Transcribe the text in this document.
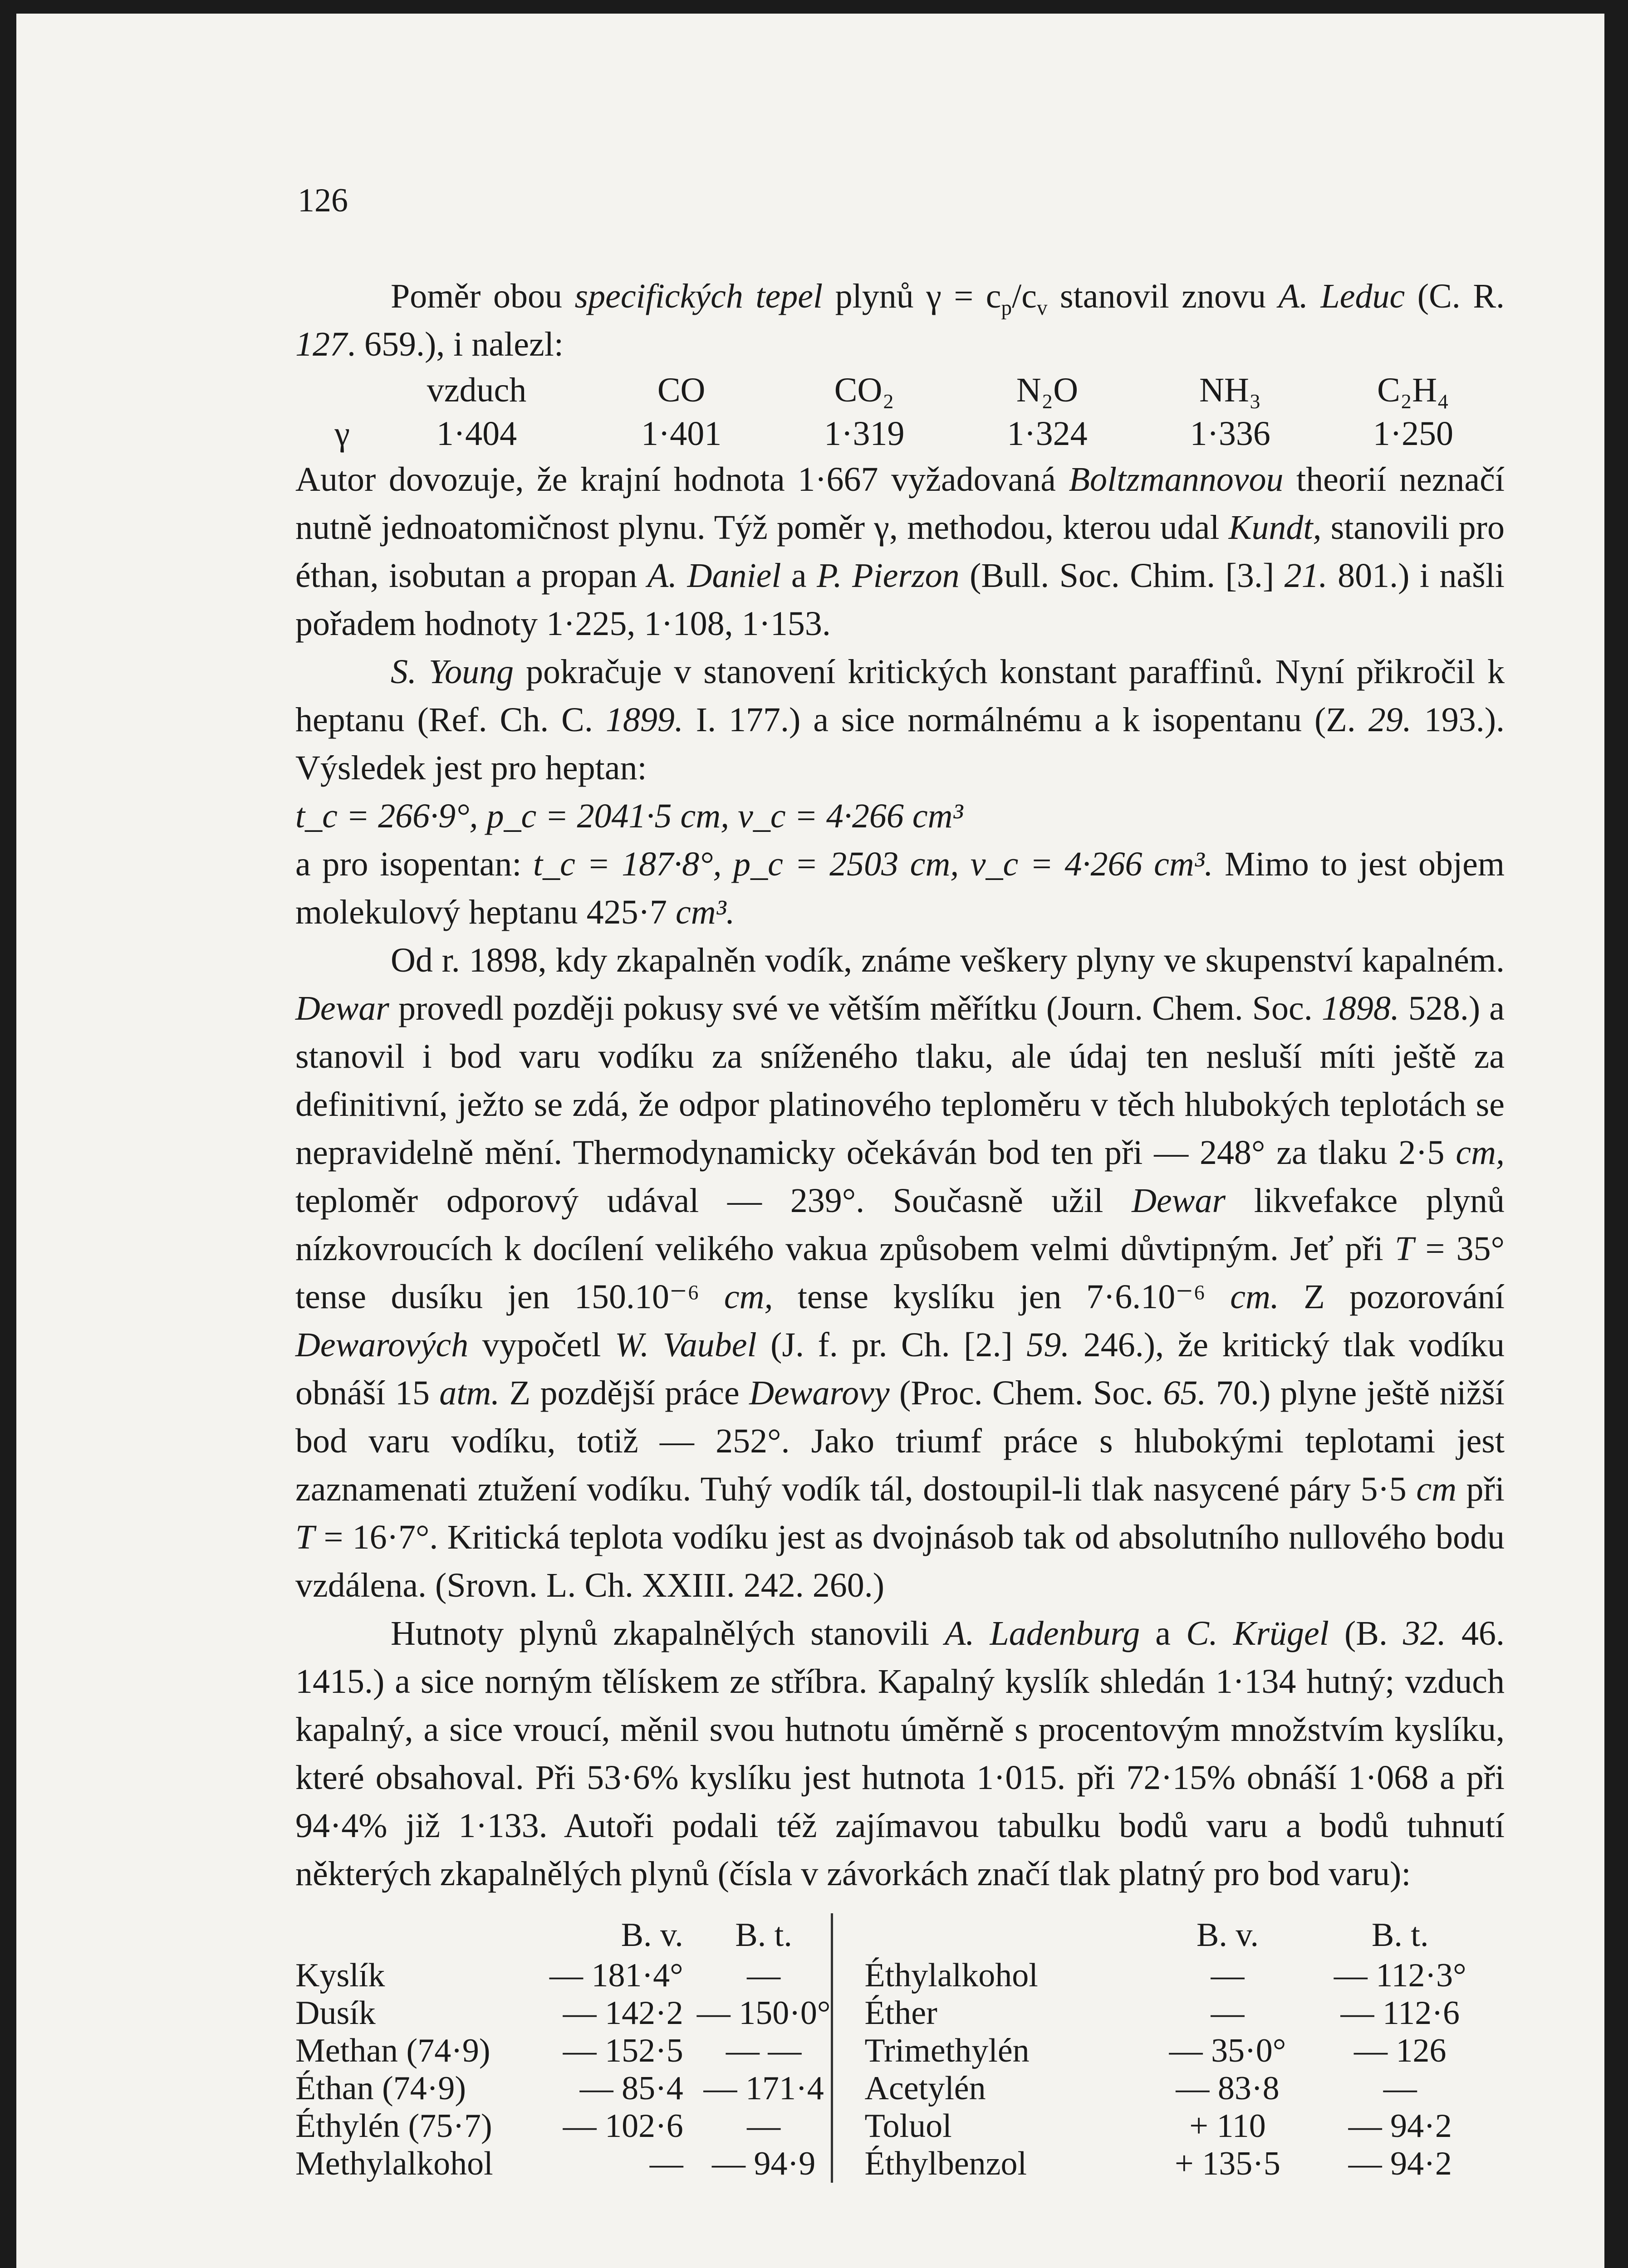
126

Poměr obou specifických tepel plynů $\gamma = c_p/c_v$ stanovil znovu A. Leduc (C. R. 127. 659.), i nalezl:

	vzduch	CO	CO₂	N₂O	NH₃	C₂H₄
γ	1·404	1·401	1·319	1·324	1·336	1·250

Autor dovozuje, že krajní hodnota 1·667 vyžadovaná Boltzmannovou theorií neznačí nutně jednoatomičnost plynu. Týž poměr γ, methodou, kterou udal Kundt, stanovili pro éthan, isobutan a propan A. Daniel a P. Pierzon (Bull. Soc. Chim. [3.] 21. 801.) i našli pořadem hodnoty 1·225, 1·108, 1·153.

S. Young pokračuje v stanovení kritických konstant paraffinů. Nyní přikročil k heptanu (Ref. Ch. C. 1899. I. 177.) a sice normálnému a k isopentanu (Z. 29. 193.). Výsledek jest pro heptan:

t_c = 266·9°, p_c = 2041·5 cm, v_c = 4·266 cm³

a pro isopentan: t_c = 187·8°, p_c = 2503 cm, v_c = 4·266 cm³. Mimo to jest objem molekulový heptanu 425·7 cm³.

Od r. 1898, kdy zkapalněn vodík, známe veškery plyny ve skupenství kapalném. Dewar provedl později pokusy své ve větším měřítku (Journ. Chem. Soc. 1898. 528.) a stanovil i bod varu vodíku za sníženého tlaku, ale údaj ten nesluší míti ještě za definitivní, ježto se zdá, že odpor platinového teploměru v těch hlubokých teplotách se nepravidelně mění. Thermodynamicky očekáván bod ten při — 248° za tlaku 2·5 cm, teploměr odporový udával — 239°. Současně užil Dewar likvefakce plynů nízkovroucích k docílení velikého vakua způsobem velmi důvtipným. Jeť při T = 35° tense dusíku jen 150.10⁻⁶ cm, tense kyslíku jen 7·6.10⁻⁶ cm. Z pozorování Dewarových vypočetl W. Vaubel (J. f. pr. Ch. [2.] 59. 246.), že kritický tlak vodíku obnáší 15 atm. Z pozdější práce Dewarovy (Proc. Chem. Soc. 65. 70.) plyne ještě nižší bod varu vodíku, totiž — 252°. Jako triumf práce s hlubokými teplotami jest zaznamenati ztužení vodíku. Tuhý vodík tál, dostoupil-li tlak nasycené páry 5·5 cm při T = 16·7°. Kritická teplota vodíku jest as dvojnásob tak od absolutního nullového bodu vzdálena. (Srovn. L. Ch. XXIII. 242. 260.)

Hutnoty plynů zkapalnělých stanovili A. Ladenburg a C. Krügel (B. 32. 46. 1415.) a sice norným tělískem ze stříbra. Kapalný kyslík shledán 1·134 hutný; vzduch kapalný, a sice vroucí, měnil svou hutnotu úměrně s procentovým množstvím kyslíku, které obsahoval. Při 53·6% kyslíku jest hutnota 1·015. při 72·15% obnáší 1·068 a při 94·4% již 1·133. Autoři podali též zajímavou tabulku bodů varu a bodů tuhnutí některých zkapalnělých plynů (čísla v závorkách značí tlak platný pro bod varu):

	B. v.	B. t.			B. v.	B. t.
Kyslík	— 181·4°	—		Éthylalkohol	—	— 112·3°
Dusík	— 142·2	— 150·0°		Éther	—	— 112·6
Methan (74·9)	— 152·5	— —		Trimethylén	— 35·0°	— 126
Éthan (74·9)	— 85·4	— 171·4		Acetylén	— 83·8	—
Éthylén (75·7)	— 102·6	—		Toluol	+ 110	— 94·2
Methylalkohol	—	— 94·9		Éthylbenzol	+ 135·5	— 94·2
